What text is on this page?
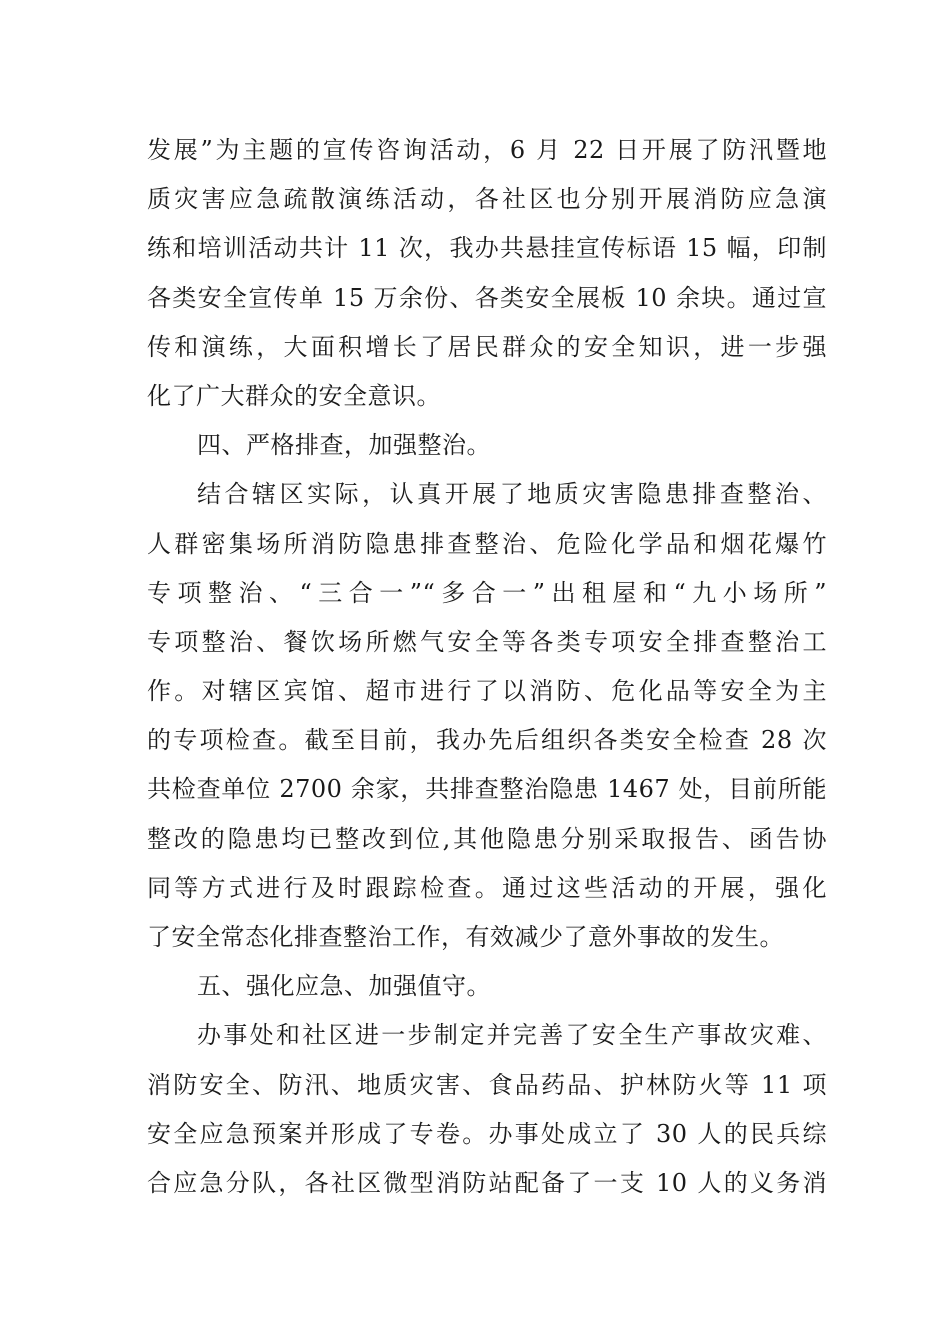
发展”为主题的宣传咨询活动，6 月 22 日开展了防汛暨地
质灾害应急疏散演练活动，各社区也分别开展消防应急演
练和培训活动共计 11 次，我办共悬挂宣传标语 15 幅，印制
各类安全宣传单 15 万余份、各类安全展板 10 余块。通过宣
传和演练，大面积增长了居民群众的安全知识，进一步强
化了广大群众的安全意识。
四、严格排查，加强整治。
结合辖区实际，认真开展了地质灾害隐患排查整治、
人群密集场所消防隐患排查整治、危险化学品和烟花爆竹
专项整治、“三合一”“多合一”出租屋和“九小场所”
专项整治、餐饮场所燃气安全等各类专项安全排查整治工
作。对辖区宾馆、超市进行了以消防、危化品等安全为主
的专项检查。截至目前，我办先后组织各类安全检查 28 次
共检查单位 2700 余家，共排查整治隐患 1467 处，目前所能
整改的隐患均已整改到位,其他隐患分别采取报告、函告协
同等方式进行及时跟踪检查。通过这些活动的开展，强化
了安全常态化排查整治工作，有效减少了意外事故的发生。
五、强化应急、加强值守。
办事处和社区进一步制定并完善了安全生产事故灾难、
消防安全、防汛、地质灾害、食品药品、护林防火等 11 项
安全应急预案并形成了专卷。办事处成立了 30 人的民兵综
合应急分队，各社区微型消防站配备了一支 10 人的义务消
